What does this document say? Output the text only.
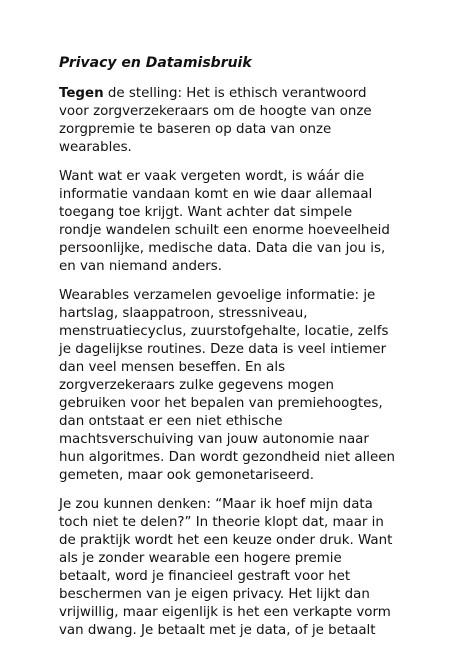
Privacy en Datamisbruik
Tegen de stelling: Het is ethisch verantwoord
voor zorgverzekeraars om de hoogte van onze
zorgpremie te baseren op data van onze
wearables.
Want wat er vaak vergeten wordt, is wáár die
informatie vandaan komt en wie daar allemaal
toegang toe krijgt. Want achter dat simpele
rondje wandelen schuilt een enorme hoeveelheid
persoonlijke, medische data. Data die van jou is,
en van niemand anders.
Wearables verzamelen gevoelige informatie: je
hartslag, slaappatroon, stressniveau,
menstruatiecyclus, zuurstofgehalte, locatie, zelfs
je dagelijkse routines. Deze data is veel intiemer
dan veel mensen beseffen. En als
zorgverzekeraars zulke gegevens mogen
gebruiken voor het bepalen van premiehoogtes,
dan ontstaat er een niet ethische
machtsverschuiving van jouw autonomie naar
hun algoritmes. Dan wordt gezondheid niet alleen
gemeten, maar ook gemonetariseerd.
Je zou kunnen denken: “Maar ik hoef mijn data
toch niet te delen?” In theorie klopt dat, maar in
de praktijk wordt het een keuze onder druk. Want
als je zonder wearable een hogere premie
betaalt, word je financieel gestraft voor het
beschermen van je eigen privacy. Het lijkt dan
vrijwillig, maar eigenlijk is het een verkapte vorm
van dwang. Je betaalt met je data, of je betaalt
